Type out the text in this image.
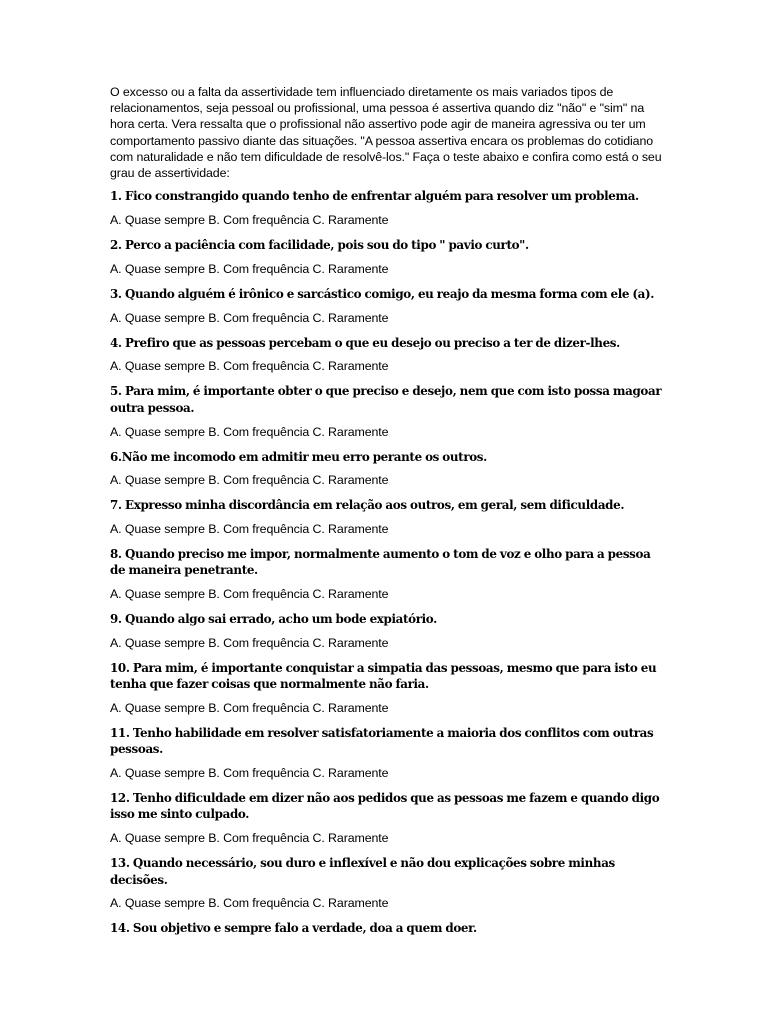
O excesso ou a falta da assertividade tem influenciado diretamente os mais variados tipos de relacionamentos, seja pessoal ou profissional, uma pessoa é assertiva quando diz "não" e "sim" na hora certa. Vera ressalta que o profissional não assertivo pode agir de maneira agressiva ou ter um comportamento passivo diante das situações. "A pessoa assertiva encara os problemas do cotidiano com naturalidade e não tem dificuldade de resolvê-los." Faça o teste abaixo e confira como está o seu grau de assertividade:

1. Fico constrangido quando tenho de enfrentar alguém para resolver um problema.

A. Quase sempre B. Com frequência C. Raramente

2. Perco a paciência com facilidade, pois sou do tipo " pavio curto".

A. Quase sempre B. Com frequência C. Raramente

3. Quando alguém é irônico e sarcástico comigo, eu reajo da mesma forma com ele (a).

A. Quase sempre B. Com frequência C. Raramente

4. Prefiro que as pessoas percebam o que eu desejo ou preciso a ter de dizer-lhes.

A. Quase sempre B. Com frequência C. Raramente

5. Para mim, é importante obter o que preciso e desejo, nem que com isto possa magoar outra pessoa.

A. Quase sempre B. Com frequência C. Raramente

6.Não me incomodo em admitir meu erro perante os outros.

A. Quase sempre B. Com frequência C. Raramente

7. Expresso minha discordância em relação aos outros, em geral, sem dificuldade.

A. Quase sempre B. Com frequência C. Raramente

8. Quando preciso me impor, normalmente aumento o tom de voz e olho para a pessoa de maneira penetrante.

A. Quase sempre B. Com frequência C. Raramente

9. Quando algo sai errado, acho um bode expiatório.

A. Quase sempre B. Com frequência C. Raramente

10. Para mim, é importante conquistar a simpatia das pessoas, mesmo que para isto eu tenha que fazer coisas que normalmente não faria.

A. Quase sempre B. Com frequência C. Raramente

11. Tenho habilidade em resolver satisfatoriamente a maioria dos conflitos com outras pessoas.

A. Quase sempre B. Com frequência C. Raramente

12. Tenho dificuldade em dizer não aos pedidos que as pessoas me fazem e quando digo isso me sinto culpado.

A. Quase sempre B. Com frequência C. Raramente

13. Quando necessário, sou duro e inflexível e não dou explicações sobre minhas decisões.

A. Quase sempre B. Com frequência C. Raramente

14. Sou objetivo e sempre falo a verdade, doa a quem doer.
